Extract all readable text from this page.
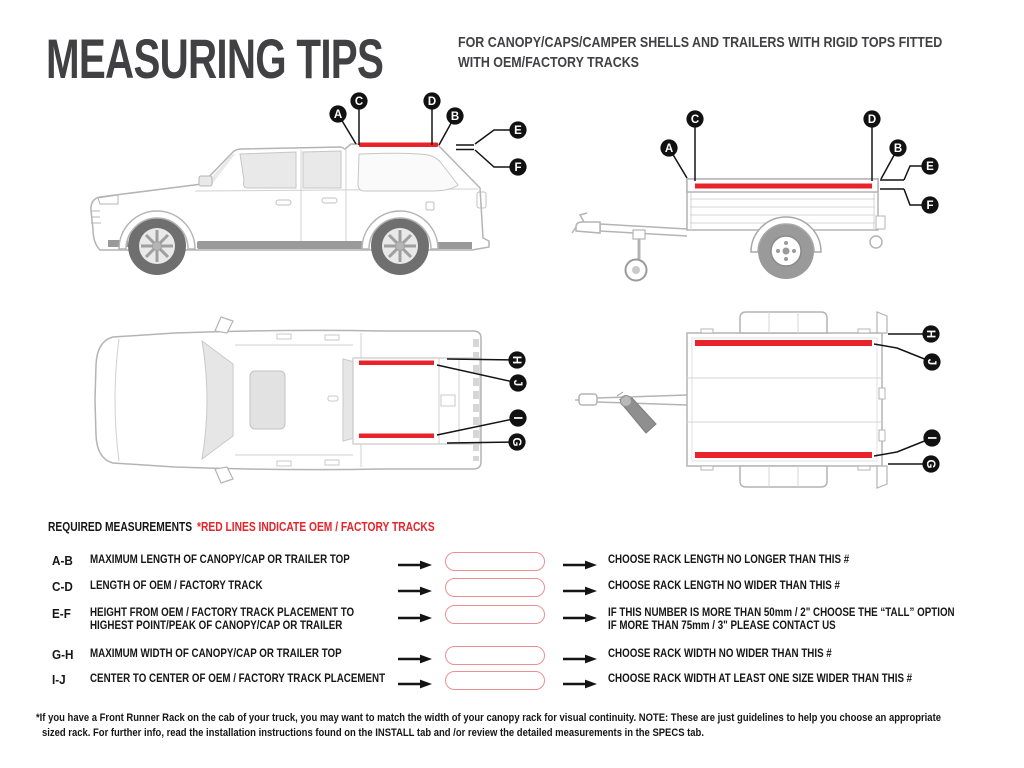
MEASURING TIPS	FOR CANOPY/CAPS/CAMPER SHELLS AND TRAILERS WITH RIGID TOPS FITTED
WITH OEM/FACTORY TRACKS
A
C	D
B
E
F
C
A
D
B
E
F
H
J
I
G
H
J
I
G
REQUIRED MEASUREMENTS *RED LINES INDICATE OEM / FACTORY TRACKS
A-B MAXIMUM LENGTH OF CANOPY/CAP OR TRAILER TOP	CHOOSE RACK LENGTH NO LONGER THAN THIS #
C-D LENGTH OF OEM / FACTORY TRACK	CHOOSE RACK LENGTH NO WIDER THAN THIS #
E-F HEIGHT FROM OEM / FACTORY TRACK PLACEMENT TO
HIGHEST POINT/PEAK OF CANOPY/CAP OR TRAILER
IF THIS NUMBER IS MORE THAN 50mm / 2" CHOOSE THE “TALL” OPTION
IF MORE THAN 75mm / 3" PLEASE CONTACT US
G-H MAXIMUM WIDTH OF CANOPY/CAP OR TRAILER TOP	CHOOSE RACK WIDTH NO WIDER THAN THIS #
I-J CENTER TO CENTER OF OEM / FACTORY TRACK PLACEMENT	CHOOSE RACK WIDTH AT LEAST ONE SIZE WIDER THAN THIS #
*If you have a Front Runner Rack on the cab of your truck, you may want to match the width of your canopy rack for visual continuity. NOTE: These are just guidelines to help you choose an appropriate
sized rack. For further info, read the installation instructions found on the INSTALL tab and /or review the detailed measurements in the SPECS tab.
